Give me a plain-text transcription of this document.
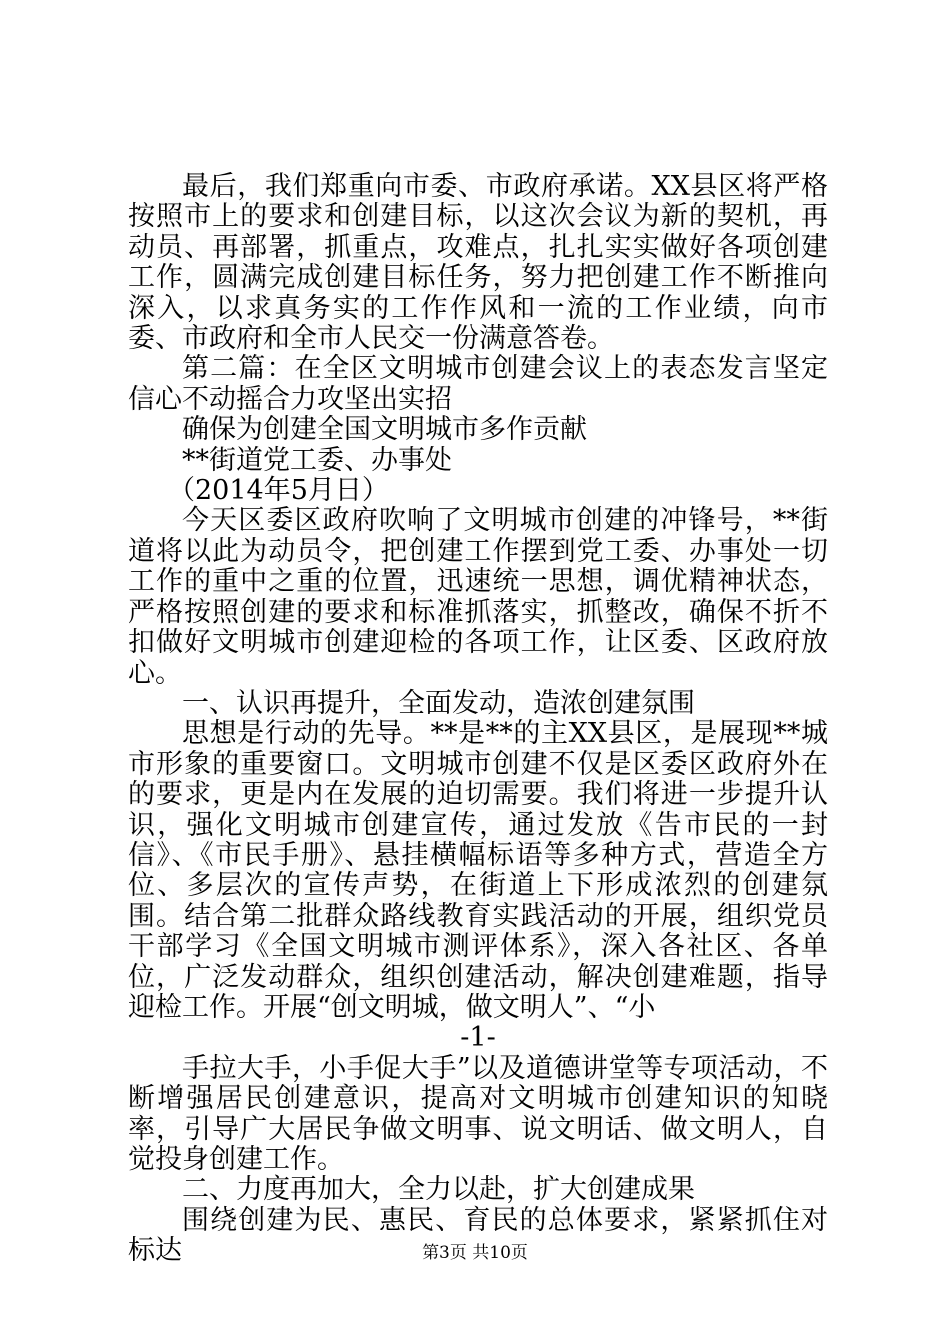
最后，我们郑重向市委、市政府承诺。XX县区将严格按照市上的要求和创建目标，以这次会议为新的契机，再动员、再部署，抓重点，攻难点，扎扎实实做好各项创建工作，圆满完成创建目标任务，努力把创建工作不断推向深入，以求真务实的工作作风和一流的工作业绩，向市委、市政府和全市人民交一份满意答卷。

第二篇：在全区文明城市创建会议上的表态发言坚定信心不动摇合力攻坚出实招

确保为创建全国文明城市多作贡献

**街道党工委、办事处

（2014年5月日）

今天区委区政府吹响了文明城市创建的冲锋号，**街道将以此为动员令，把创建工作摆到党工委、办事处一切工作的重中之重的位置，迅速统一思想，调优精神状态，严格按照创建的要求和标准抓落实，抓整改，确保不折不扣做好文明城市创建迎检的各项工作，让区委、区政府放心。

一、认识再提升，全面发动，造浓创建氛围

思想是行动的先导。**是**的主XX县区，是展现**城市形象的重要窗口。文明城市创建不仅是区委区政府外在的要求，更是内在发展的迫切需要。我们将进一步提升认识，强化文明城市创建宣传，通过发放《告市民的一封信》、《市民手册》、悬挂横幅标语等多种方式，营造全方位、多层次的宣传声势，在街道上下形成浓烈的创建氛围。结合第二批群众路线教育实践活动的开展，组织党员干部学习《全国文明城市测评体系》，深入各社区、各单位，广泛发动群众，组织创建活动，解决创建难题，指导迎检工作。开展“创文明城，做文明人”、“小

-1-

手拉大手，小手促大手”以及道德讲堂等专项活动，不断增强居民创建意识，提高对文明城市创建知识的知晓率，引导广大居民争做文明事、说文明话、做文明人，自觉投身创建工作。

二、力度再加大，全力以赴，扩大创建成果

围绕创建为民、惠民、育民的总体要求，紧紧抓住对标达	第3页 共10页
